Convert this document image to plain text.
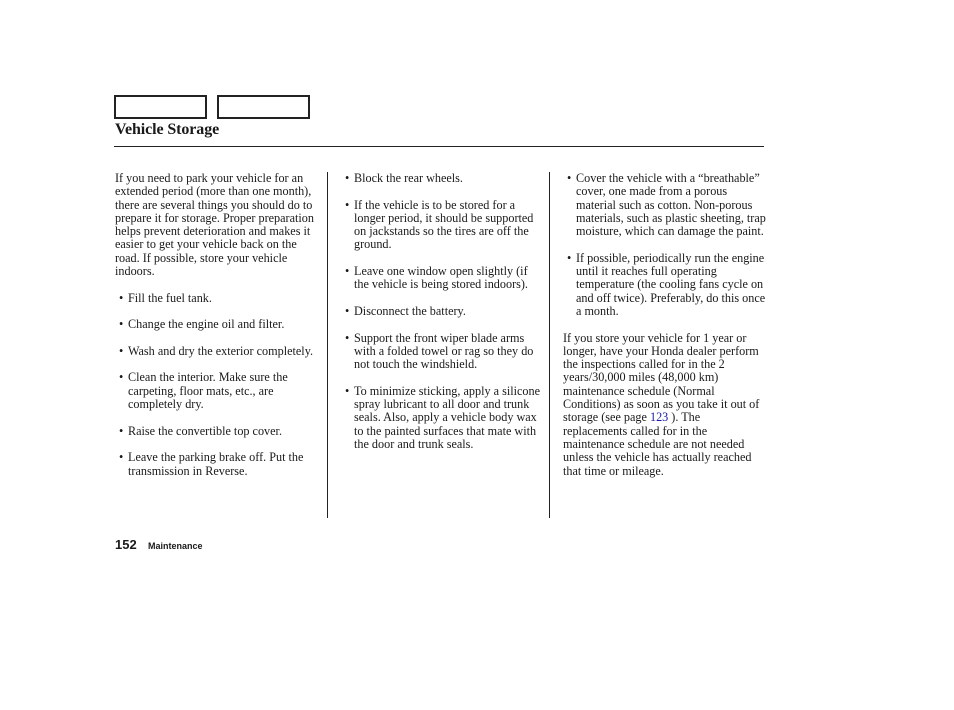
Vehicle Storage

If you need to park your vehicle for an extended period (more than one month), there are several things you should do to prepare it for storage. Proper preparation helps prevent deterioration and makes it easier to get your vehicle back on the road. If possible, store your vehicle indoors.

• Fill the fuel tank.
• Change the engine oil and filter.
• Wash and dry the exterior completely.
• Clean the interior. Make sure the carpeting, floor mats, etc., are completely dry.
• Raise the convertible top cover.
• Leave the parking brake off. Put the transmission in Reverse.
• Block the rear wheels.
• If the vehicle is to be stored for a longer period, it should be supported on jackstands so the tires are off the ground.
• Leave one window open slightly (if the vehicle is being stored indoors).
• Disconnect the battery.
• Support the front wiper blade arms with a folded towel or rag so they do not touch the windshield.
• To minimize sticking, apply a silicone spray lubricant to all door and trunk seals. Also, apply a vehicle body wax to the painted surfaces that mate with the door and trunk seals.
• Cover the vehicle with a “breathable” cover, one made from a porous material such as cotton. Non-porous materials, such as plastic sheeting, trap moisture, which can damage the paint.
• If possible, periodically run the engine until it reaches full operating temperature (the cooling fans cycle on and off twice). Preferably, do this once a month.

If you store your vehicle for 1 year or longer, have your Honda dealer perform the inspections called for in the 2 years/30,000 miles (48,000 km) maintenance schedule (Normal Conditions) as soon as you take it out of storage (see page 123 ). The replacements called for in the maintenance schedule are not needed unless the vehicle has actually reached that time or mileage.

152 Maintenance
